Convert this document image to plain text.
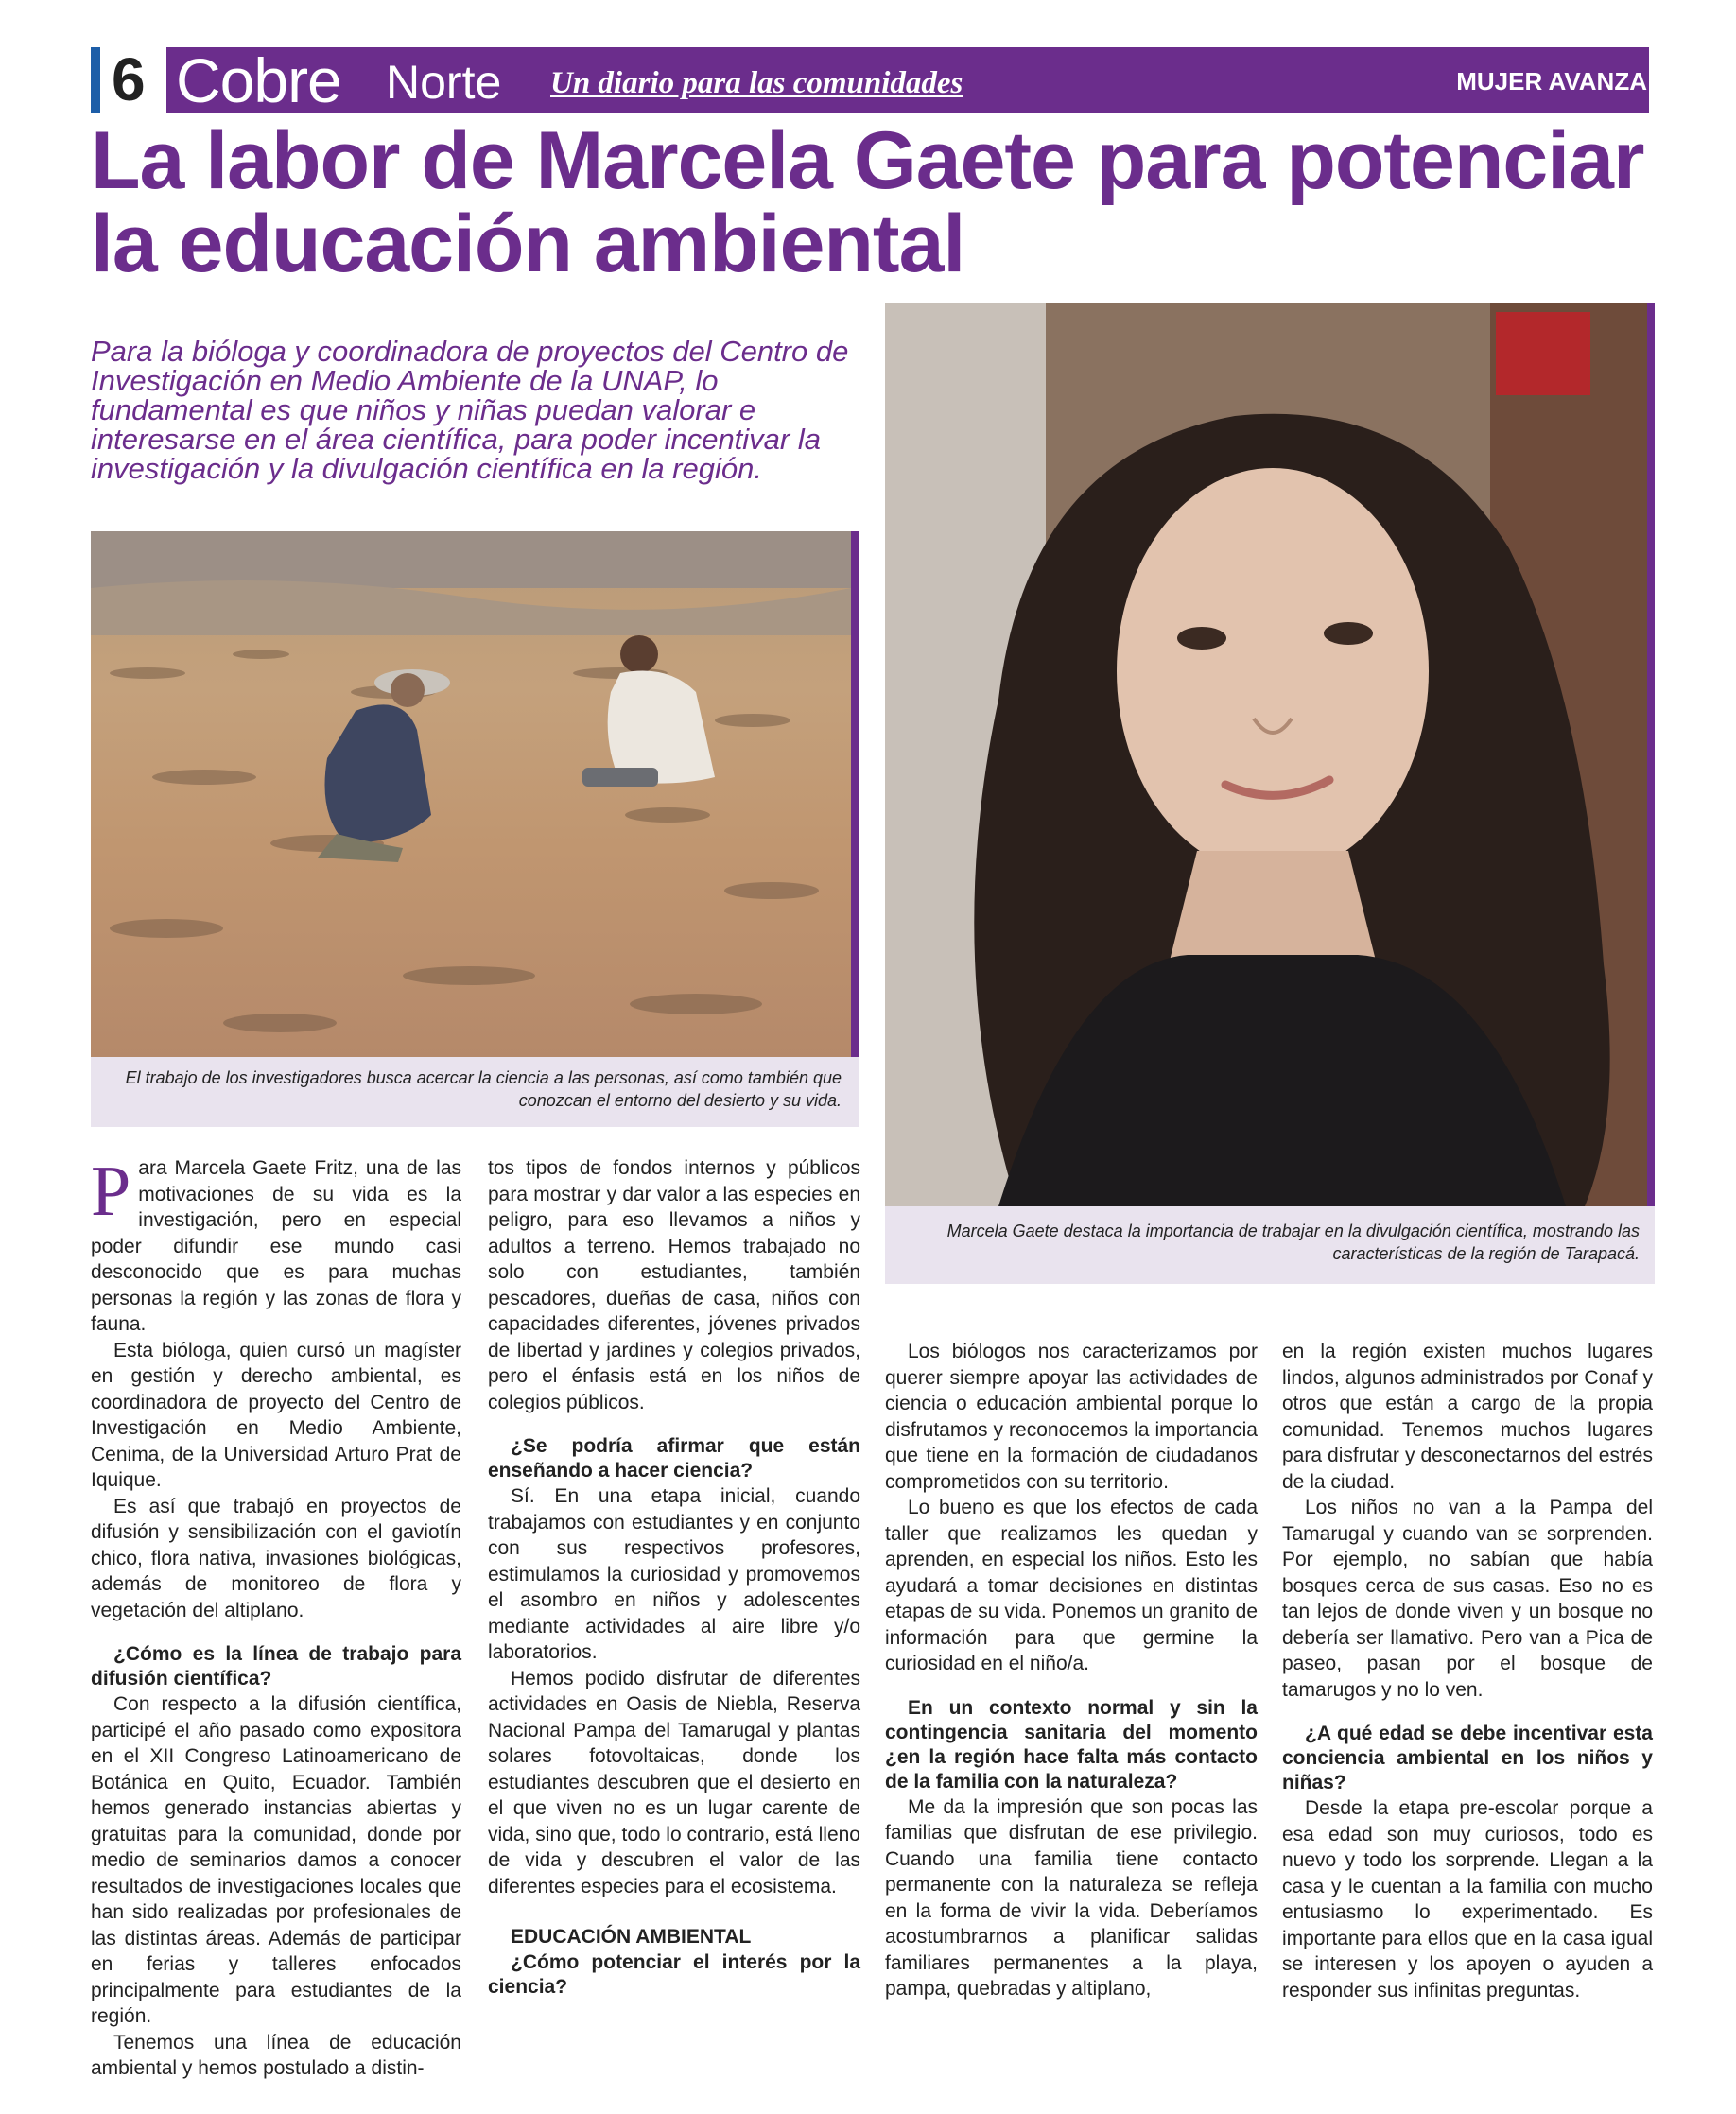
6 Cobre Norte Un diario para las comunidades	MUJER AVANZA
La labor de Marcela Gaete para potenciar la educación ambiental
Para la bióloga y coordinadora de proyectos del Centro de Investigación en Medio Ambiente de la UNAP, lo fundamental es que niños y niñas puedan valorar e interesarse en el área científica, para poder incentivar la investigación y la divulgación científica en la región.
El trabajo de los investigadores busca acercar la ciencia a las personas, así como también que conozcan el entorno del desierto y su vida.
Marcela Gaete destaca la importancia de trabajar en la divulgación científica, mostrando las características de la región de Tarapacá.

Para Marcela Gaete Fritz, una de las motivaciones de su vida es la investigación, pero en especial poder difundir ese mundo casi desconocido que es para muchas personas la región y las zonas de flora y fauna.

Esta bióloga, quien cursó un magíster en gestión y derecho ambiental, es coordinadora de proyecto del Centro de Investigación en Medio Ambiente, Cenima, de la Universidad Arturo Prat de Iquique.

Es así que trabajó en proyectos de difusión y sensibilización con el gaviotín chico, flora nativa, invasiones biológicas, además de monitoreo de flora y vegetación del altiplano.

¿Cómo es la línea de trabajo para difusión científica?

Con respecto a la difusión científica, participé el año pasado como expositora en el XII Congreso Latinoamericano de Botánica en Quito, Ecuador. También hemos generado instancias abiertas y gratuitas para la comunidad, donde por medio de seminarios damos a conocer resultados de investigaciones locales que han sido realizadas por profesionales de las distintas áreas. Además de participar en ferias y talleres enfocados principalmente para estudiantes de la región.

Tenemos una línea de educación ambiental y hemos postulado a distin-

tos tipos de fondos internos y públicos para mostrar y dar valor a las especies en peligro, para eso llevamos a niños y adultos a terreno. Hemos trabajado no solo con estudiantes, también pescadores, dueñas de casa, niños con capacidades diferentes, jóvenes privados de libertad y jardines y colegios privados, pero el énfasis está en los niños de colegios públicos.

¿Se podría afirmar que están enseñando a hacer ciencia?

Sí. En una etapa inicial, cuando trabajamos con estudiantes y en conjunto con sus respectivos profesores, estimulamos la curiosidad y promovemos el asombro en niños y adolescentes mediante actividades al aire libre y/o laboratorios.

Hemos podido disfrutar de diferentes actividades en Oasis de Niebla, Reserva Nacional Pampa del Tamarugal y plantas solares fotovoltaicas, donde los estudiantes descubren que el desierto en el que viven no es un lugar carente de vida, sino que, todo lo contrario, está lleno de vida y descubren el valor de las diferentes especies para el ecosistema.

EDUCACIÓN AMBIENTAL

¿Cómo potenciar el interés por la ciencia?

Los biólogos nos caracterizamos por querer siempre apoyar las actividades de ciencia o educación ambiental porque lo disfrutamos y reconocemos la importancia que tiene en la formación de ciudadanos comprometidos con su territorio.

Lo bueno es que los efectos de cada taller que realizamos les quedan y aprenden, en especial los niños. Esto les ayudará a tomar decisiones en distintas etapas de su vida. Ponemos un granito de información para que germine la curiosidad en el niño/a.

En un contexto normal y sin la contingencia sanitaria del momento ¿en la región hace falta más contacto de la familia con la naturaleza?

Me da la impresión que son pocas las familias que disfrutan de ese privilegio. Cuando una familia tiene contacto permanente con la naturaleza se refleja en la forma de vivir la vida. Deberíamos acostumbrarnos a planificar salidas familiares permanentes a la playa, pampa, quebradas y altiplano,

en la región existen muchos lugares lindos, algunos administrados por Conaf y otros que están a cargo de la propia comunidad. Tenemos muchos lugares para disfrutar y desconectarnos del estrés de la ciudad.

Los niños no van a la Pampa del Tamarugal y cuando van se sorprenden. Por ejemplo, no sabían que había bosques cerca de sus casas. Eso no es tan lejos de donde viven y un bosque no debería ser llamativo. Pero van a Pica de paseo, pasan por el bosque de tamarugos y no lo ven.

¿A qué edad se debe incentivar esta conciencia ambiental en los niños y niñas?

Desde la etapa pre-escolar porque a esa edad son muy curiosos, todo es nuevo y todo los sorprende. Llegan a la casa y le cuentan a la familia con mucho entusiasmo lo experimentado. Es importante para ellos que en la casa igual se interesen y los apoyen o ayuden a responder sus infinitas preguntas.
